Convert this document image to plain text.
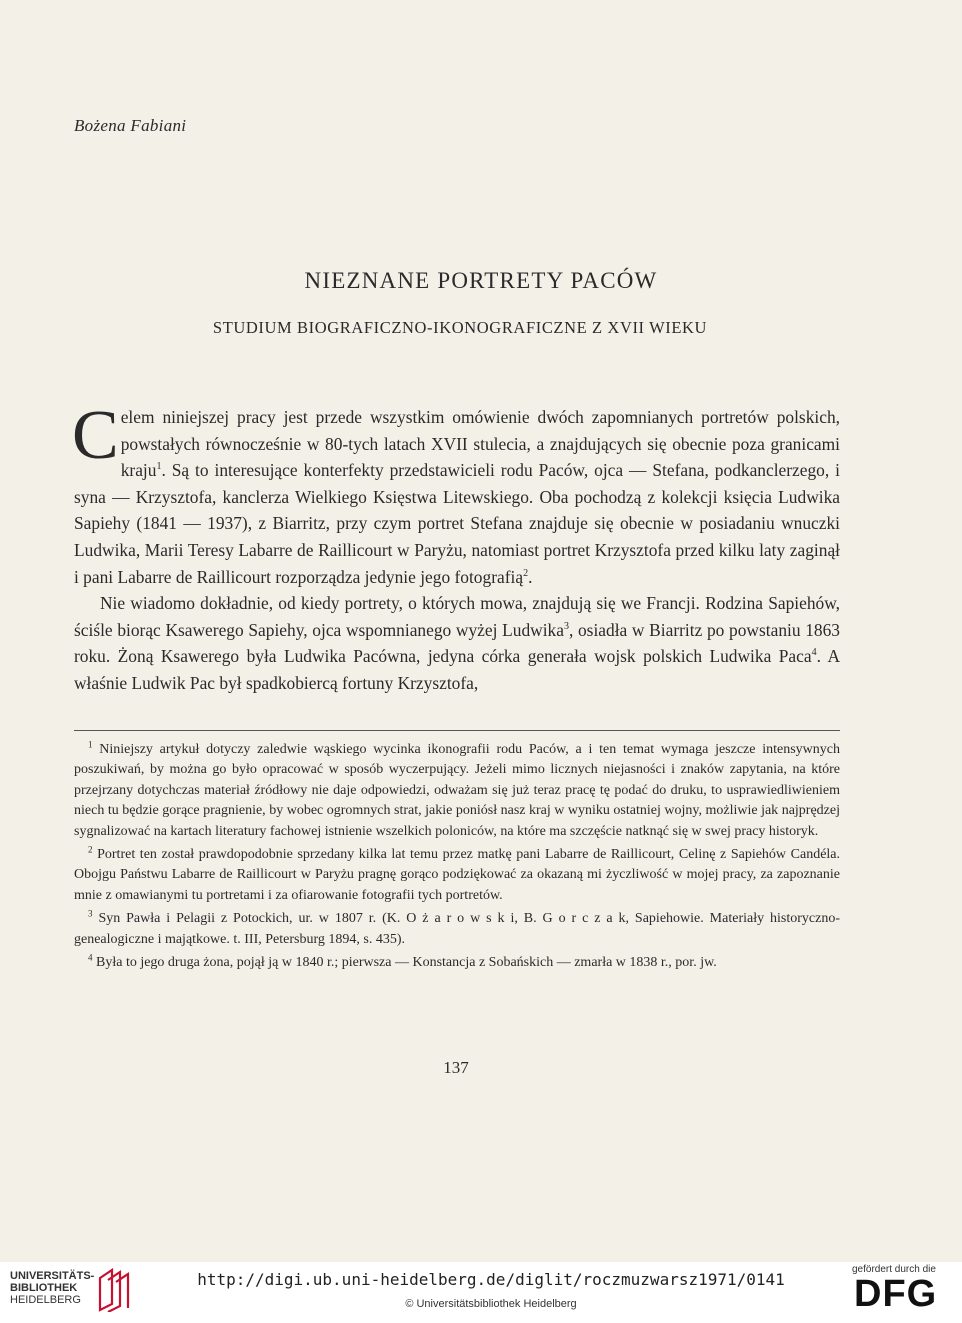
Bożena Fabiani
NIEZNANE PORTRETY PACÓW
STUDIUM BIOGRAFICZNO-IKONOGRAFICZNE Z XVII WIEKU

Celem niniejszej pracy jest przede wszystkim omówienie dwóch zapomnianych portretów polskich, powstałych równocześnie w 80-tych latach XVII stulecia, a znajdujących się obecnie poza granicami kraju$^1$. Są to interesujące konterfekty przedstawicieli rodu Paców, ojca — Stefana, podkanclerzego, i syna — Krzysztofa, kanclerza Wielkiego Księstwa Litewskiego. Oba pochodzą z kolekcji księcia Ludwika Sapiehy (1841 — 1937), z Biarritz, przy czym portret Stefana znajduje się obecnie w posiadaniu wnuczki Ludwika, Marii Teresy Labarre de Raillicourt w Paryżu, natomiast portret Krzysztofa przed kilku laty zaginął i pani Labarre de Raillicourt rozporządza jedynie jego fotografią$^2$.

Nie wiadomo dokładnie, od kiedy portrety, o których mowa, znajdują się we Francji. Rodzina Sapiehów, ściśle biorąc Ksawerego Sapiehy, ojca wspomnianego wyżej Ludwika$^3$, osiadła w Biarritz po powstaniu 1863 roku. Żoną Ksawerego była Ludwika Pacówna, jedyna córka generała wojsk polskich Ludwika Paca$^4$. A właśnie Ludwik Pac był spadkobiercą fortuny Krzysztofa,

$^1$ Niniejszy artykuł dotyczy zaledwie wąskiego wycinka ikonografii rodu Paców, a i ten temat wymaga jeszcze intensywnych poszukiwań, by można go było opracować w sposób wyczerpujący. Jeżeli mimo licznych niejasności i znaków zapytania, na które przejrzany dotychczas materiał źródłowy nie daje odpowiedzi, odważam się już teraz pracę tę podać do druku, to usprawiedliwieniem niech tu będzie gorące pragnienie, by wobec ogromnych strat, jakie poniósł nasz kraj w wyniku ostatniej wojny, możliwie jak najprędzej sygnalizować na kartach literatury fachowej istnienie wszelkich poloniców, na które ma szczęście natknąć się w swej pracy historyk.

$^2$ Portret ten został prawdopodobnie sprzedany kilka lat temu przez matkę pani Labarre de Raillicourt, Celinę z Sapiehów Candéla. Obojgu Państwu Labarre de Raillicourt w Paryżu pragnę gorąco podziękować za okazaną mi życzliwość w mojej pracy, za zapoznanie mnie z omawianymi tu portretami i za ofiarowanie fotografii tych portretów.

$^3$ Syn Pawła i Pelagii z Potockich, ur. w 1807 r. (K. O ż a r o w s k i, B. G o r c z a k, Sapiehowie. Materiały historyczno-genealogiczne i majątkowe. t. III, Petersburg 1894, s. 435).

$^4$ Była to jego druga żona, pojął ją w 1840 r.; pierwsza — Konstancja z Sobańskich — zmarła w 1838 r., por. jw.

137
UNIVERSITÄTS-
BIBLIOTHEK
HEIDELBERG
http://digi.ub.uni-heidelberg.de/diglit/roczmuzwarsz1971/0141
© Universitätsbibliothek Heidelberg
gefördert durch die
DFG
